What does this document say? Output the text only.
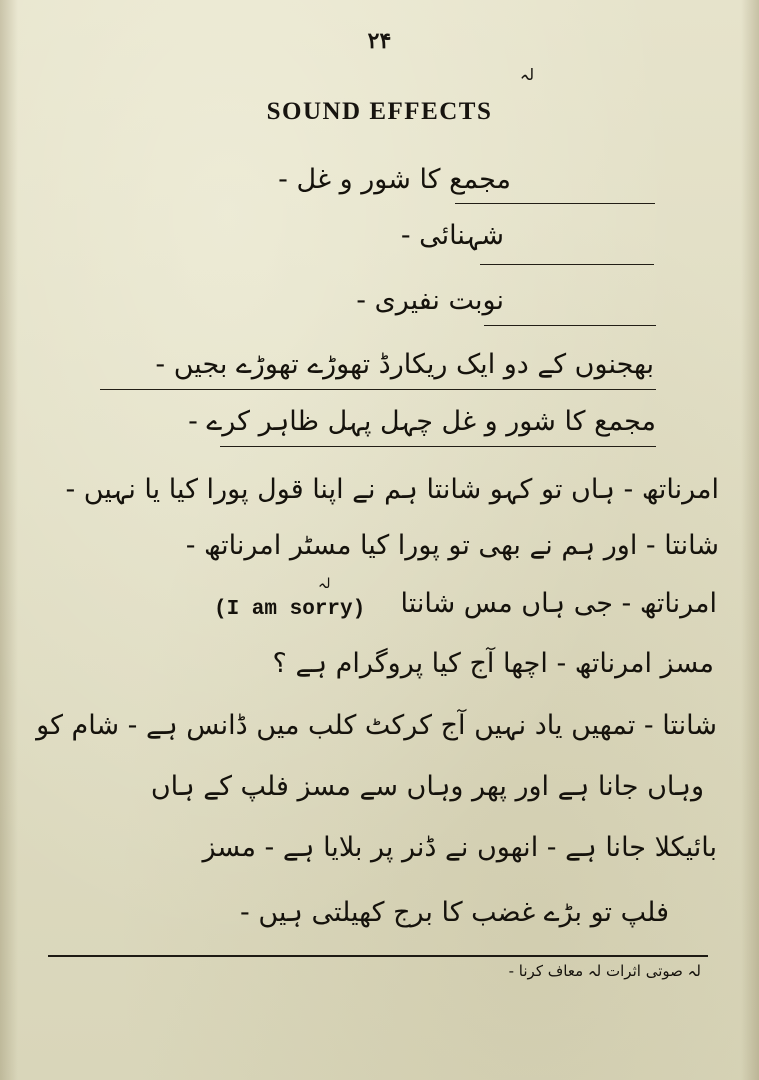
۲۴
لہ
SOUND EFFECTS
مجمع کا شور و غل -
شہنائی -
نوبت نفیری -
بھجنوں کے دو ایک ریکارڈ تھوڑے تھوڑے بجیں -
مجمع کا شور و غل چہل پہل ظاہر کرے -
امرناتھ - ہاں تو کہو شانتا ہم نے اپنا قول پورا کیا یا نہیں -
شانتا - اور ہم نے بھی تو پورا کیا مسٹر امرناتھ -
امرناتھ - جی ہاں مس شانتا
لہ
(I am sorry)
مسز امرناتھ - اچھا آج کیا پروگرام ہے ؟
شانتا - تمھیں یاد نہیں آج کرکٹ کلب میں ڈانس ہے - شام کو
وہاں جانا ہے اور پھر وہاں سے مسز فلپ کے ہاں
بائیکلا جانا ہے - انھوں نے ڈنر پر بلایا ہے - مسز
فلپ تو بڑے غضب کا برج کھیلتی ہیں -
لہ صوتی اثرات لہ معاف کرنا -
